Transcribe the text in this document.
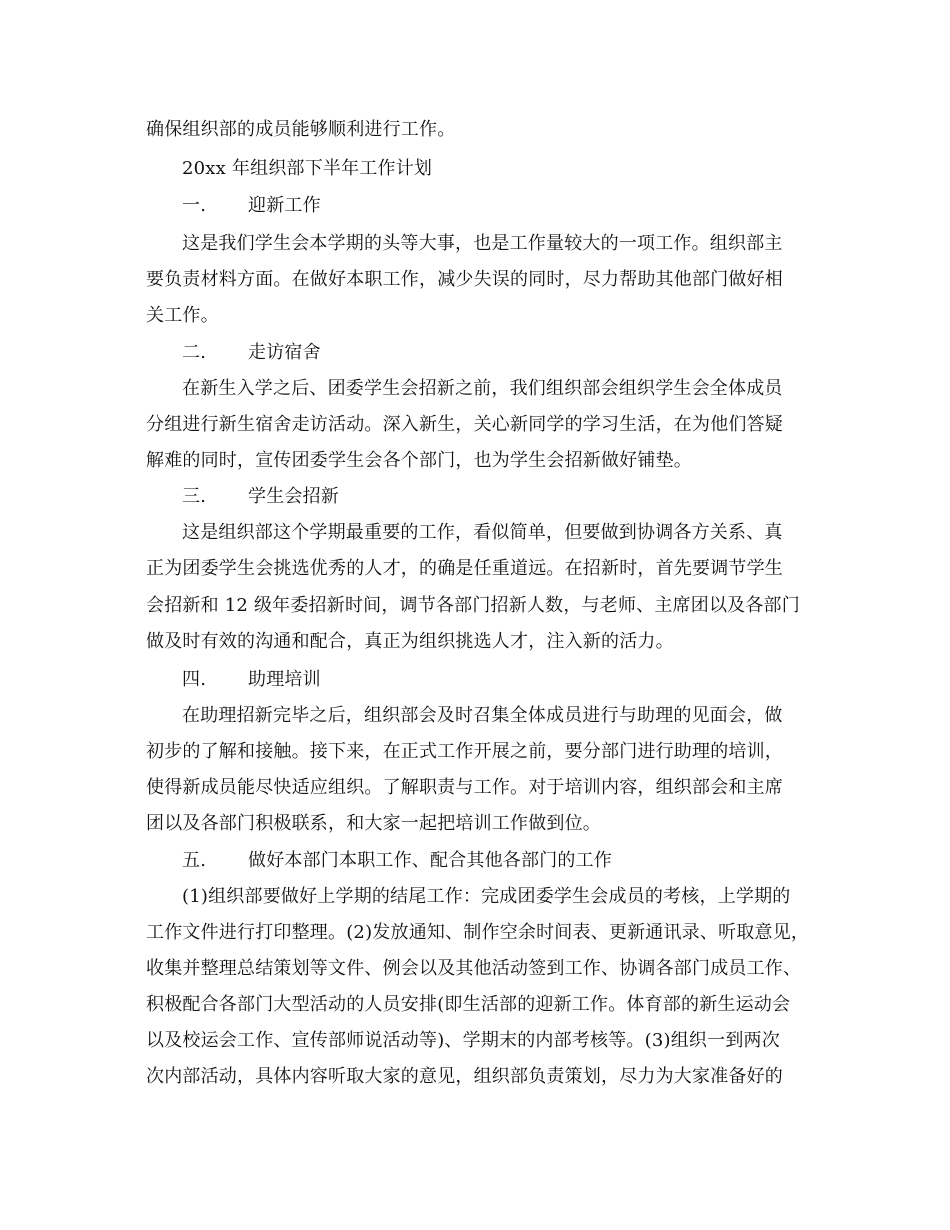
确保组织部的成员能够顺利进行工作。
20xx 年组织部下半年工作计划
一. 迎新工作
这是我们学生会本学期的头等大事，也是工作量较大的一项工作。组织部主
要负责材料方面。在做好本职工作，减少失误的同时，尽力帮助其他部门做好相
关工作。
二. 走访宿舍
在新生入学之后、团委学生会招新之前，我们组织部会组织学生会全体成员
分组进行新生宿舍走访活动。深入新生，关心新同学的学习生活，在为他们答疑
解难的同时，宣传团委学生会各个部门，也为学生会招新做好铺垫。
三. 学生会招新
这是组织部这个学期最重要的工作，看似简单，但要做到协调各方关系、真
正为团委学生会挑选优秀的人才，的确是任重道远。在招新时，首先要调节学生
会招新和 12 级年委招新时间，调节各部门招新人数，与老师、主席团以及各部门
做及时有效的沟通和配合，真正为组织挑选人才，注入新的活力。
四. 助理培训
在助理招新完毕之后，组织部会及时召集全体成员进行与助理的见面会，做
初步的了解和接触。接下来，在正式工作开展之前，要分部门进行助理的培训，
使得新成员能尽快适应组织。了解职责与工作。对于培训内容，组织部会和主席
团以及各部门积极联系，和大家一起把培训工作做到位。
五. 做好本部门本职工作、配合其他各部门的工作
(1)组织部要做好上学期的结尾工作：完成团委学生会成员的考核，上学期的
工作文件进行打印整理。(2)发放通知、制作空余时间表、更新通讯录、听取意见，
收集并整理总结策划等文件、例会以及其他活动签到工作、协调各部门成员工作、
积极配合各部门大型活动的人员安排(即生活部的迎新工作。体育部的新生运动会
以及校运会工作、宣传部师说活动等)、学期末的内部考核等。(3)组织一到两次
次内部活动，具体内容听取大家的意见，组织部负责策划，尽力为大家准备好的
